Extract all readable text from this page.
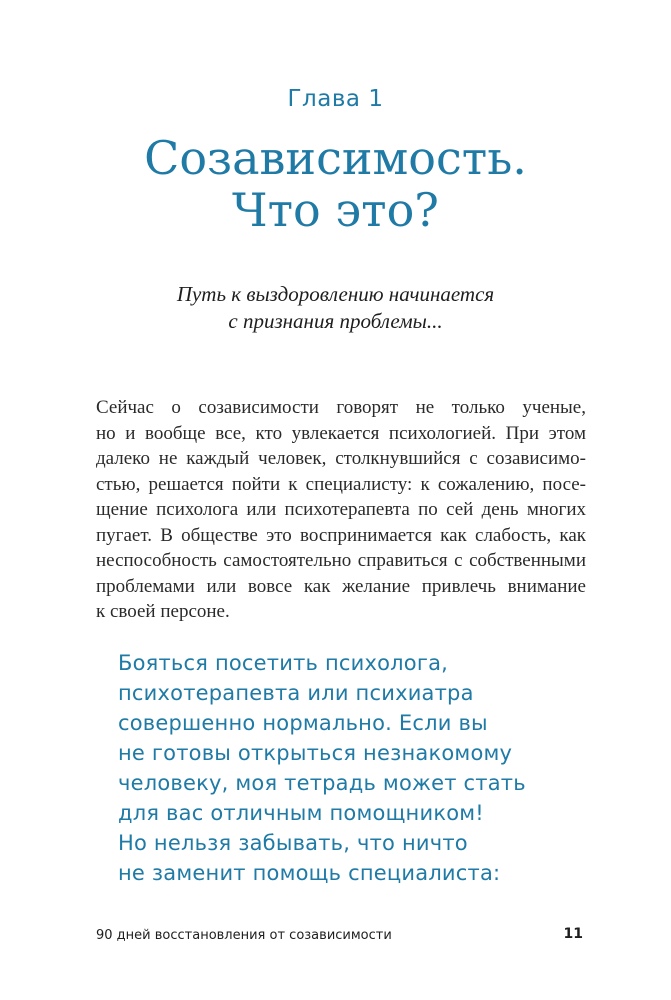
Глава 1
Созависимость.
Что это?
Путь к выздоровлению начинается
с признания проблемы...
Сейчас о созависимости говорят не только ученые,
но и вообще все, кто увлекается психологией. При этом
далеко не каждый человек, столкнувшийся с созависимо-
стью, решается пойти к специалисту: к сожалению, посе-
щение психолога или психотерапевта по сей день многих
пугает. В обществе это воспринимается как слабость, как
неспособность самостоятельно справиться с собственными
проблемами или вовсе как желание привлечь внимание
к своей персоне.
Бояться посетить психолога,
психотерапевта или психиатра
совершенно нормально. Если вы
не готовы открыться незнакомому
человеку, моя тетрадь может стать
для вас отличным помощником!
Но нельзя забывать, что ничто
не заменит помощь специалиста:
90 дней восстановления от созависимости	11
